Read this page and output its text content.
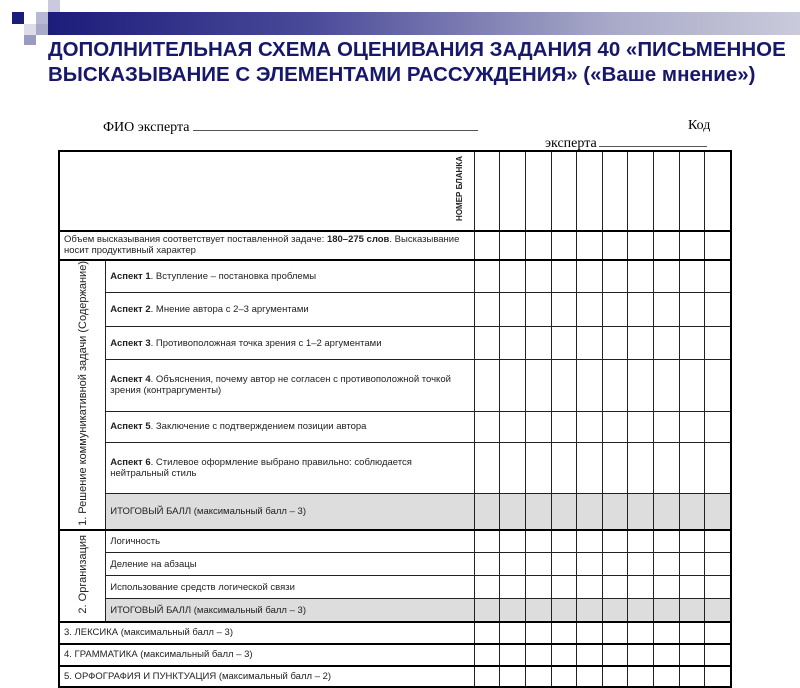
ДОПОЛНИТЕЛЬНАЯ СХЕМА ОЦЕНИВАНИЯ ЗАДАНИЯ 40 «ПИСЬМЕННОЕ ВЫСКАЗЫВАНИЕ С ЭЛЕМЕНТАМИ РАССУЖДЕНИЯ» («Ваше мнение»)
ФИО эксперта	Код
эксперта
НОМЕР БЛАНКА											
Объем высказывания соответствует поставленной задаче: 180–275 слов. Высказывание носит продуктивный характер											
1. Решение коммуникативной задачи (Содержание)	Аспект 1. Вступление – постановка проблемы										
	Аспект 2. Мнение автора с 2–3 аргументами										
	Аспект 3. Противоположная точка зрения с 1–2 аргументами										
	Аспект 4. Объяснения, почему автор не согласен с противоположной точкой зрения (контраргументы)										
	Аспект 5. Заключение с подтверждением позиции автора										
	Аспект 6. Стилевое оформление выбрано правильно: соблюдается нейтральный стиль										
	ИТОГОВЫЙ БАЛЛ (максимальный балл – 3)										
2. Организация	Логичность										
	Деление на абзацы										
	Использование средств логической связи										
	ИТОГОВЫЙ БАЛЛ (максимальный балл – 3)										
3. ЛЕКСИКА (максимальный балл – 3)											
4. ГРАММАТИКА (максимальный балл – 3)											
5. ОРФОГРАФИЯ И ПУНКТУАЦИЯ (максимальный балл – 2)											
